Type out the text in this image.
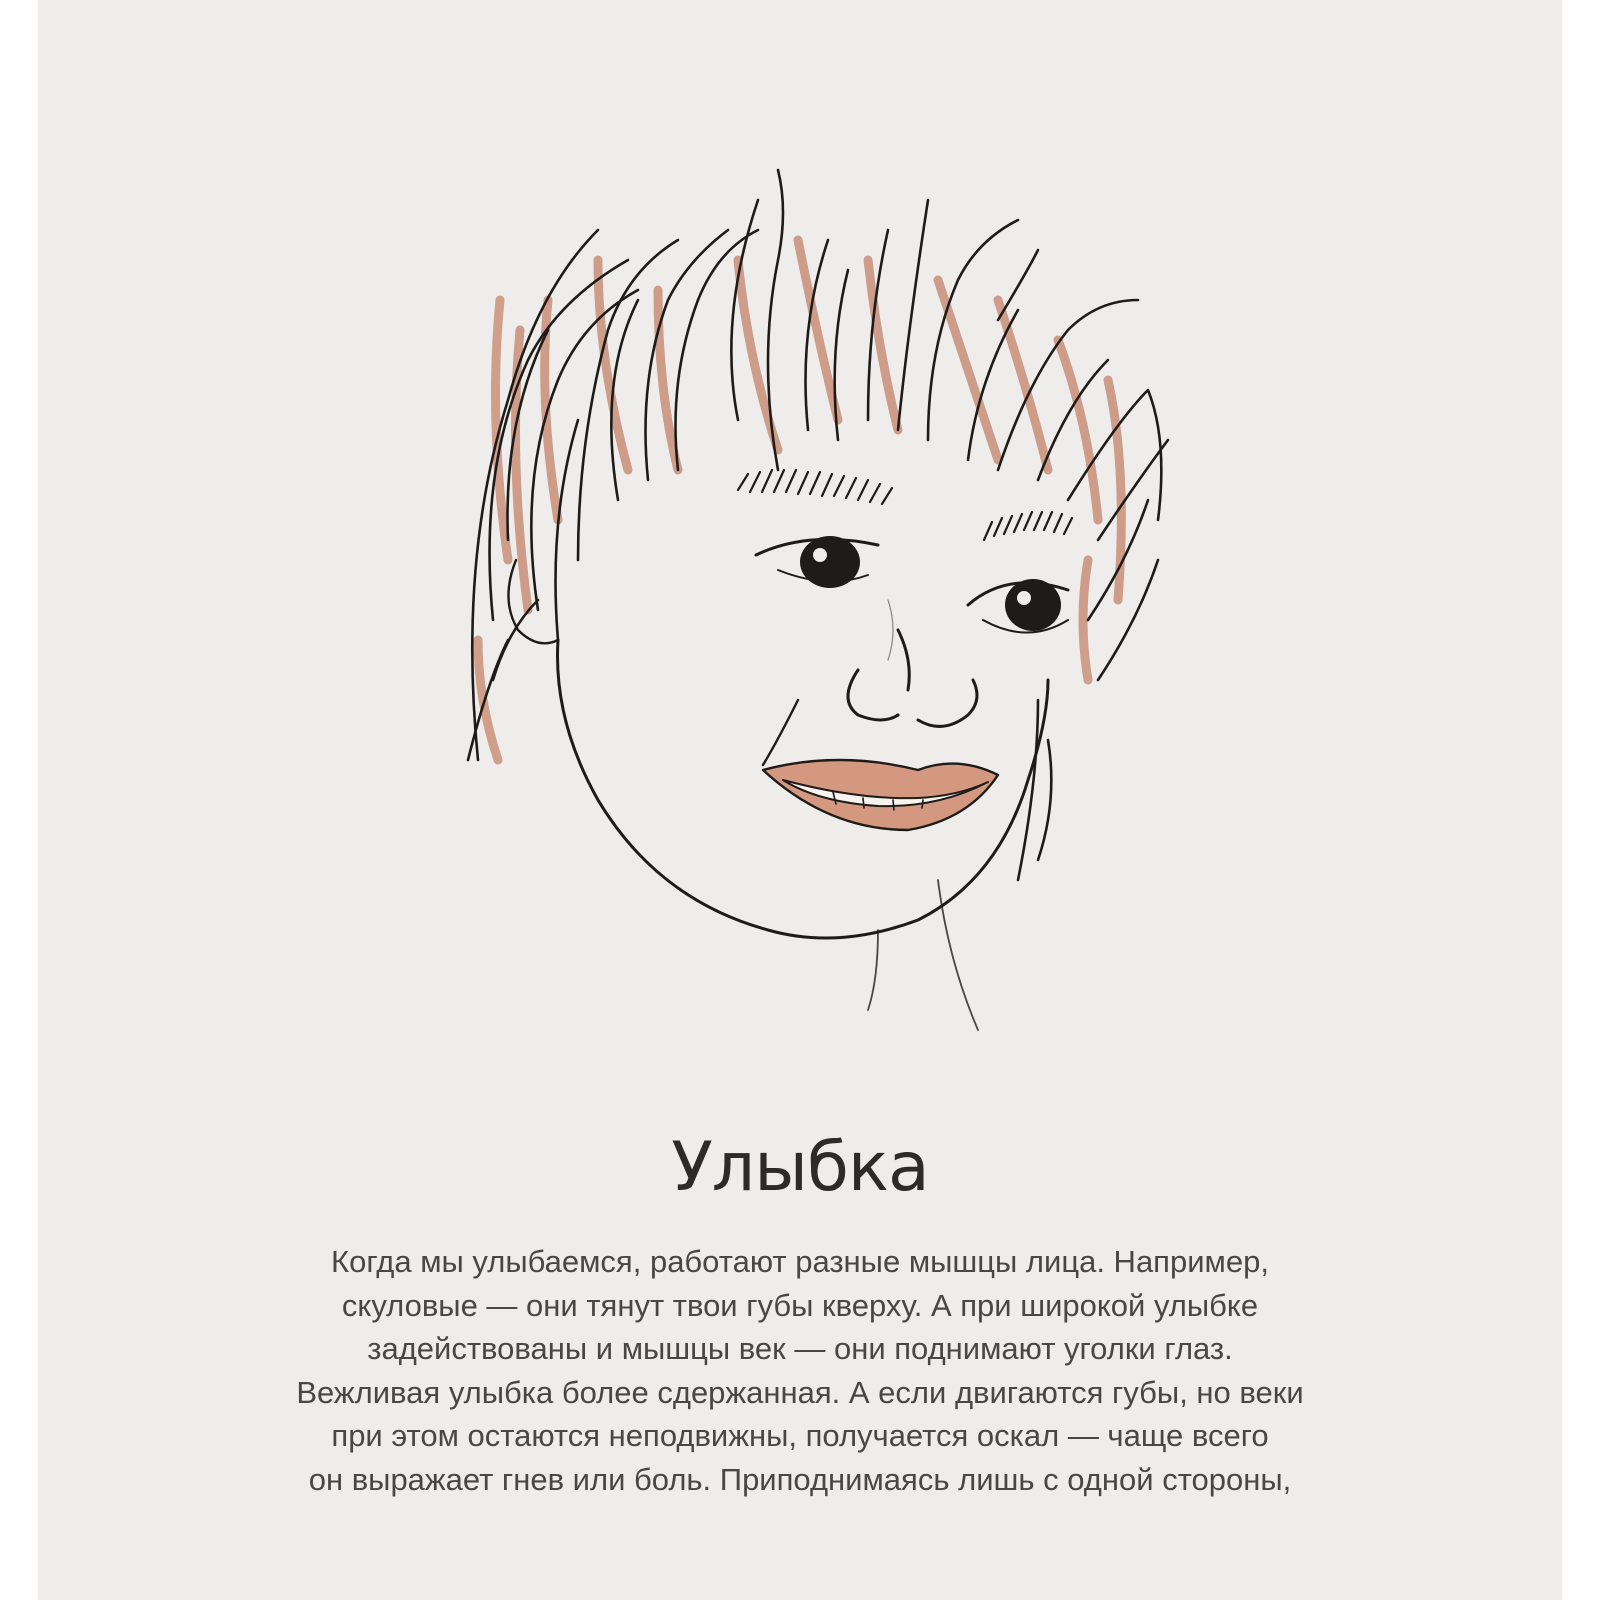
Улыбка
Когда мы улыбаемся, работают разные мышцы лица. Например,
скуловые — они тянут твои губы кверху. А при широкой улыбке
задействованы и мышцы век — они поднимают уголки глаз.
Вежливая улыбка более сдержанная. А если двигаются губы, но веки
при этом остаются неподвижны, получается оскал — чаще всего
он выражает гнев или боль. Приподнимаясь лишь с одной стороны,
